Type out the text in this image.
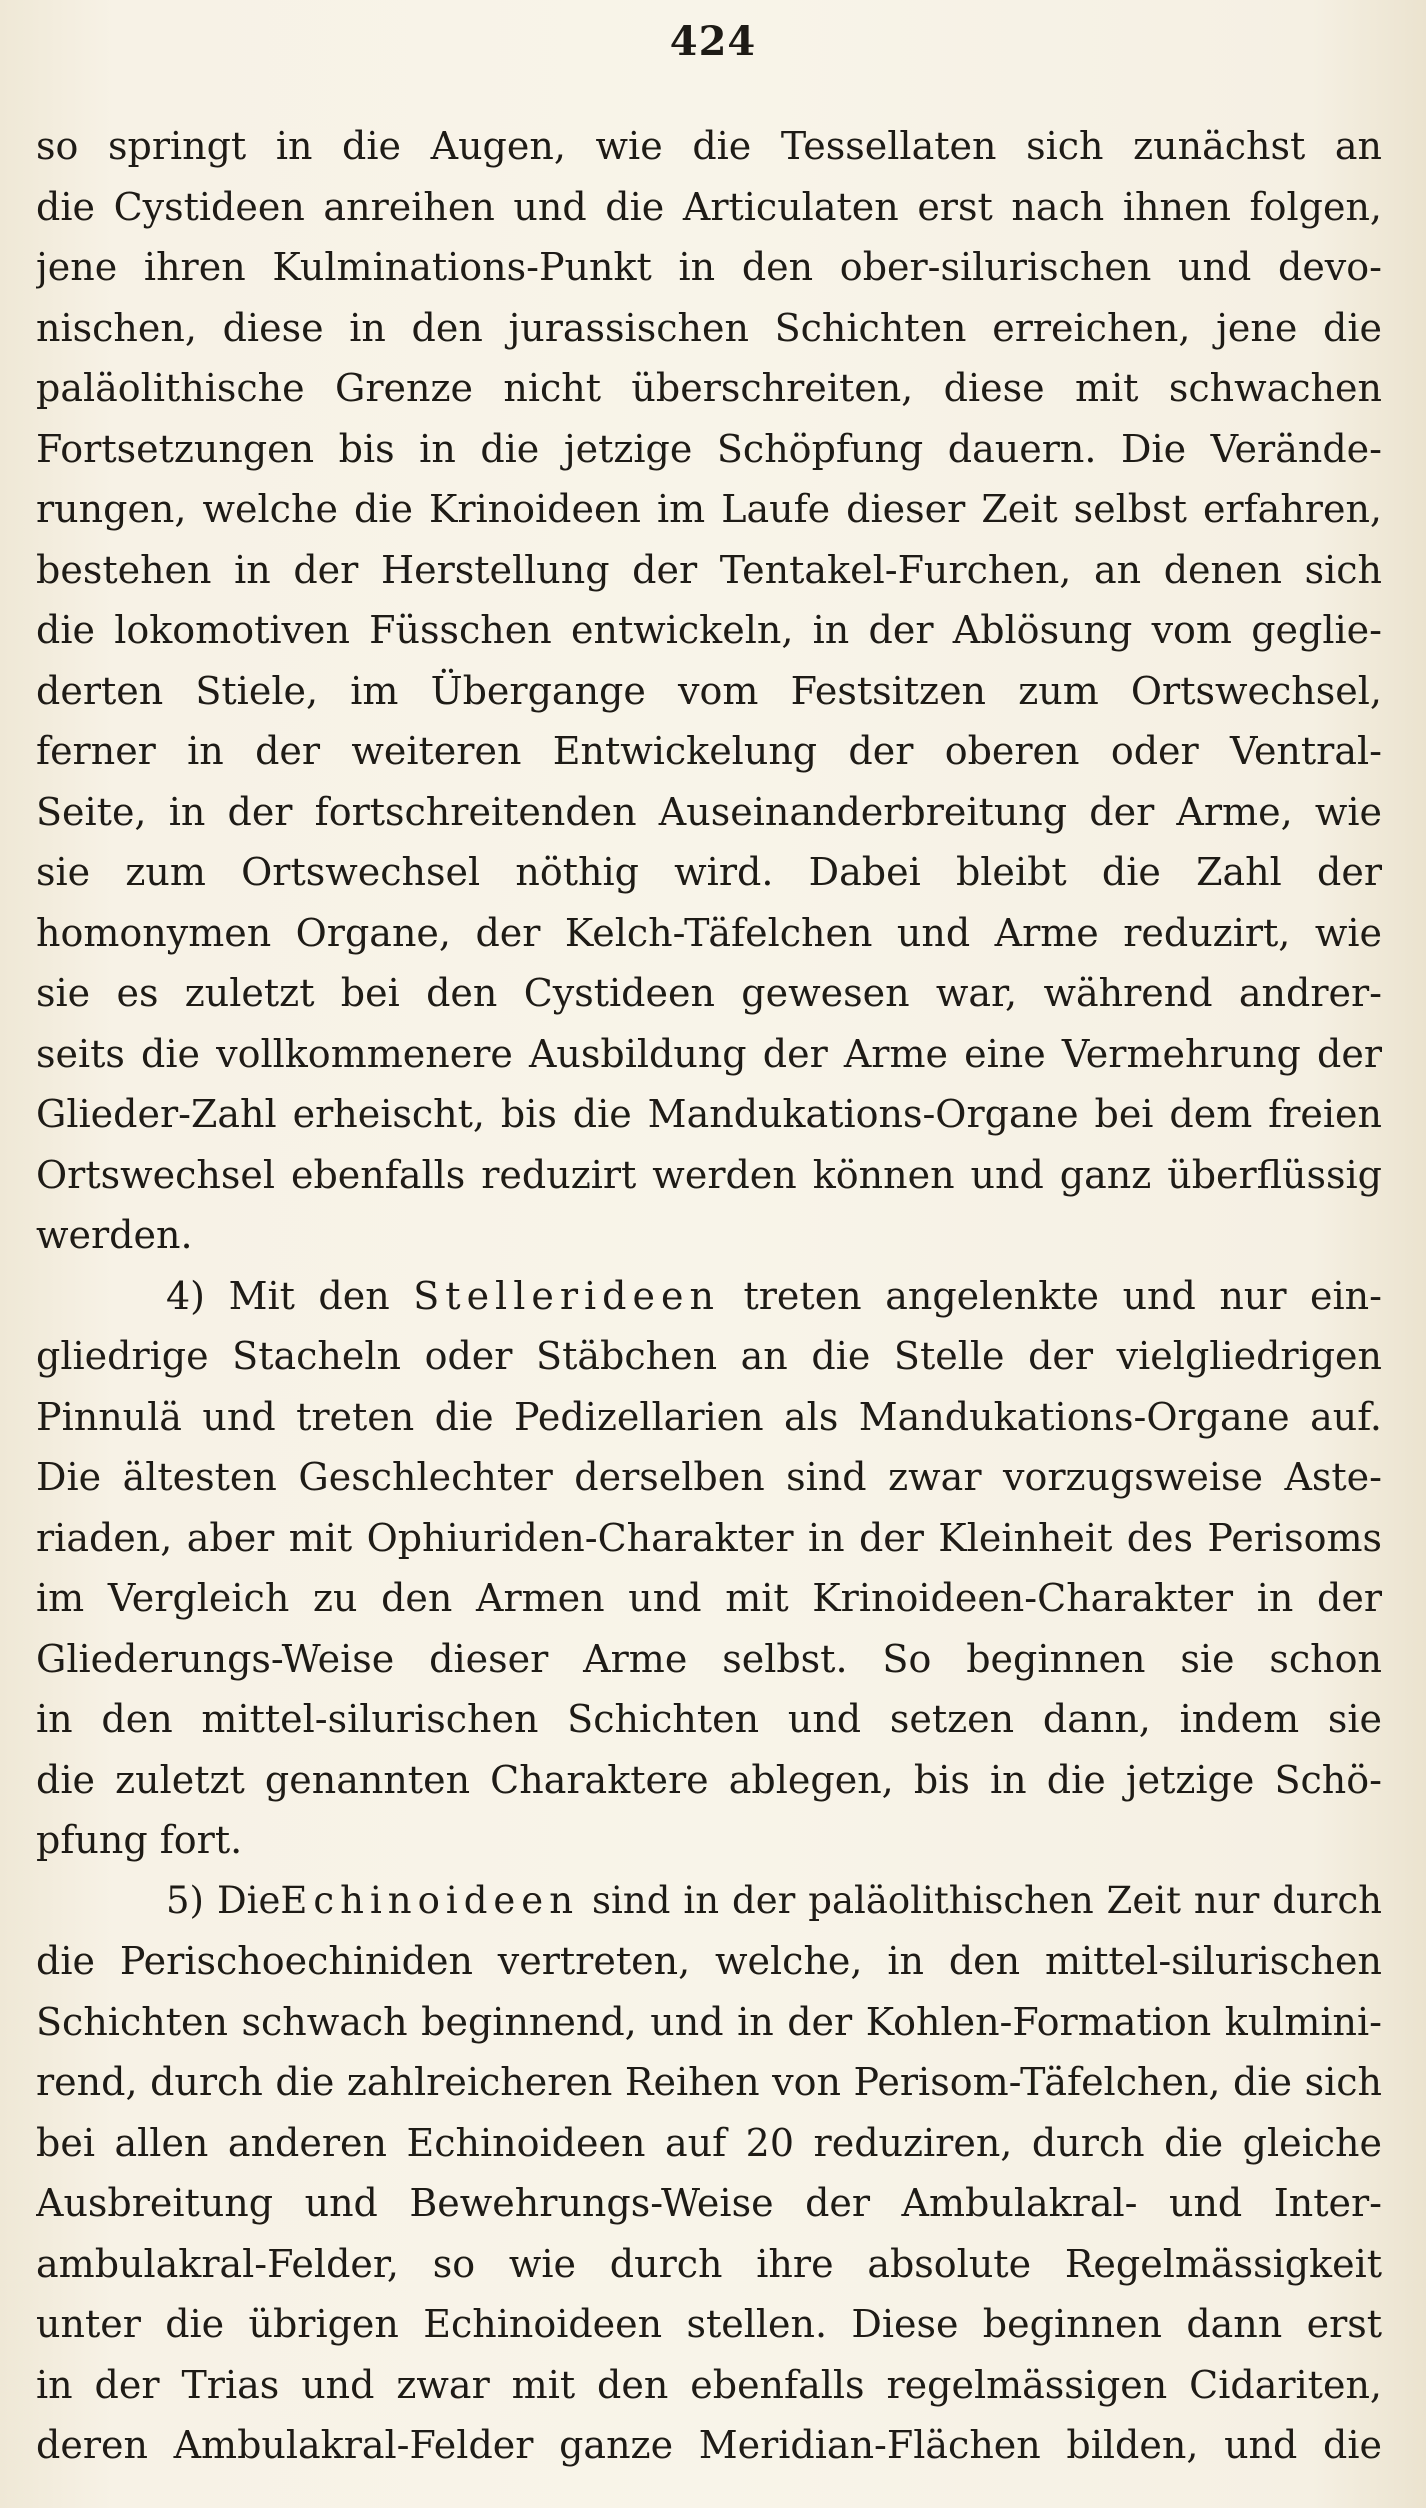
424
so springt in die Augen, wie die Tessellaten sich zunächst an
die Cystideen anreihen und die Articulaten erst nach ihnen folgen,
jene ihren Kulminations-Punkt in den ober-silurischen und devo-
nischen, diese in den jurassischen Schichten erreichen, jene die
paläolithische Grenze nicht überschreiten, diese mit schwachen
Fortsetzungen bis in die jetzige Schöpfung dauern. Die Verände-
rungen, welche die Krinoideen im Laufe dieser Zeit selbst erfahren,
bestehen in der Herstellung der Tentakel-Furchen, an denen sich
die lokomotiven Füsschen entwickeln, in der Ablösung vom geglie-
derten Stiele, im Übergange vom Festsitzen zum Ortswechsel,
ferner in der weiteren Entwickelung der oberen oder Ventral-
Seite, in der fortschreitenden Auseinanderbreitung der Arme, wie
sie zum Ortswechsel nöthig wird. Dabei bleibt die Zahl der
homonymen Organe, der Kelch-Täfelchen und Arme reduzirt, wie
sie es zuletzt bei den Cystideen gewesen war, während andrer-
seits die vollkommenere Ausbildung der Arme eine Vermehrung der
Glieder-Zahl erheischt, bis die Mandukations-Organe bei dem freien
Ortswechsel ebenfalls reduzirt werden können und ganz überflüssig
werden.
4) Mit den Stellerideen treten angelenkte und nur ein-
gliedrige Stacheln oder Stäbchen an die Stelle der vielgliedrigen
Pinnulä und treten die Pedizellarien als Mandukations-Organe auf.
Die ältesten Geschlechter derselben sind zwar vorzugsweise Aste-
riaden, aber mit Ophiuriden-Charakter in der Kleinheit des Perisoms
im Vergleich zu den Armen und mit Krinoideen-Charakter in der
Gliederungs-Weise dieser Arme selbst. So beginnen sie schon
in den mittel-silurischen Schichten und setzen dann, indem sie
die zuletzt genannten Charaktere ablegen, bis in die jetzige Schö-
pfung fort.
5) DieEchinoideen sind in der paläolithischen Zeit nur durch
die Perischoechiniden vertreten, welche, in den mittel-silurischen
Schichten schwach beginnend, und in der Kohlen-Formation kulmini-
rend, durch die zahlreicheren Reihen von Perisom-Täfelchen, die sich
bei allen anderen Echinoideen auf 20 reduziren, durch die gleiche
Ausbreitung und Bewehrungs-Weise der Ambulakral- und Inter-
ambulakral-Felder, so wie durch ihre absolute Regelmässigkeit
unter die übrigen Echinoideen stellen. Diese beginnen dann erst
in der Trias und zwar mit den ebenfalls regelmässigen Cidariten,
deren Ambulakral-Felder ganze Meridian-Flächen bilden, und die
